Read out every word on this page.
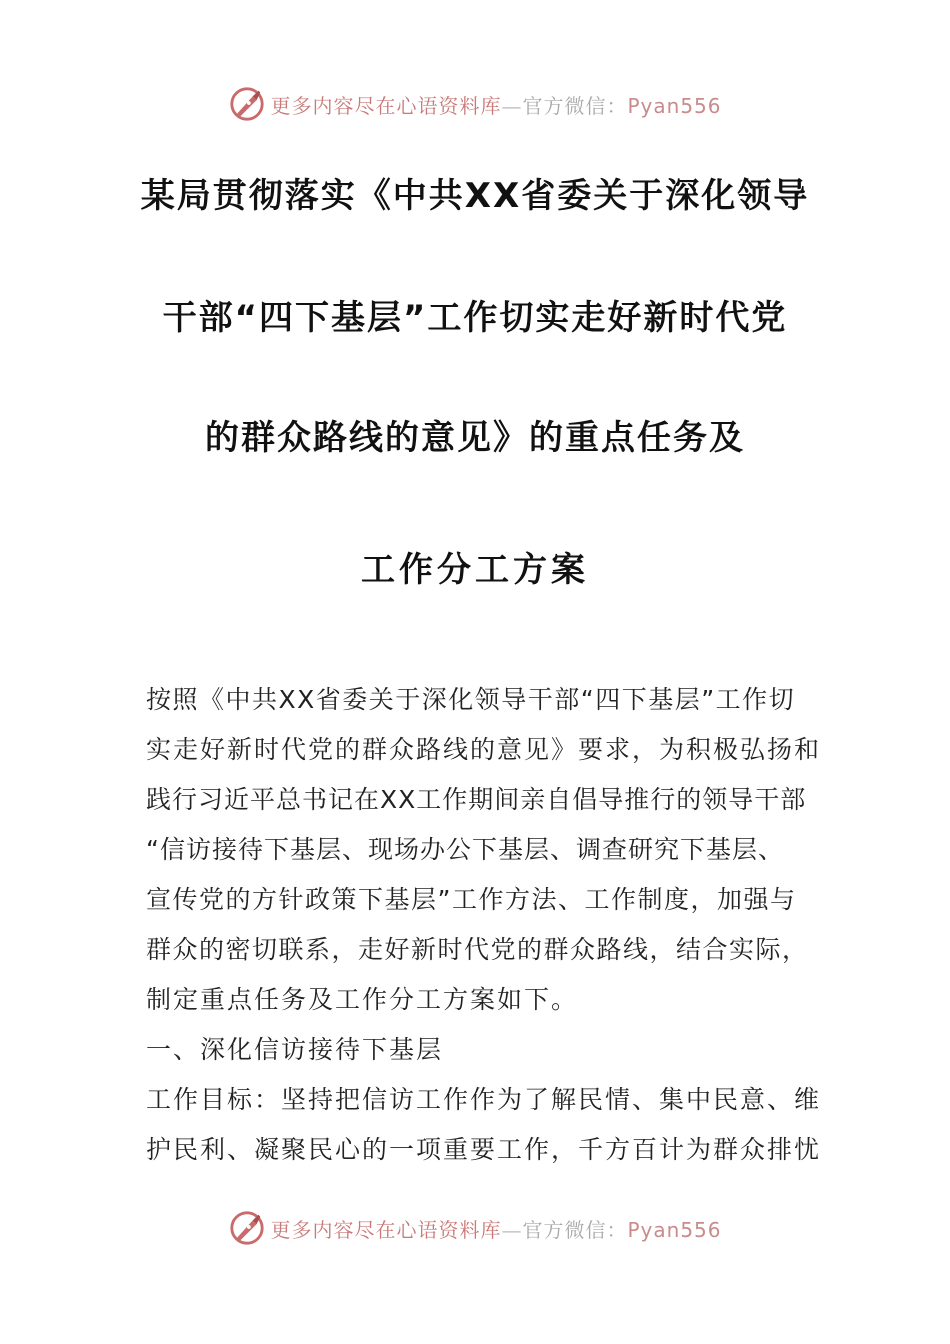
更多内容尽在心语资料库—官方微信：Pyan556
某局贯彻落实《中共XX省委关于深化领导
干部“四下基层”工作切实走好新时代党
的群众路线的意见》的重点任务及
工作分工方案
按照《中共XX省委关于深化领导干部“四下基层”工作切
实走好新时代党的群众路线的意见》要求，为积极弘扬和
践行习近平总书记在XX工作期间亲自倡导推行的领导干部
“信访接待下基层、现场办公下基层、调查研究下基层、
宣传党的方针政策下基层”工作方法、工作制度，加强与
群众的密切联系，走好新时代党的群众路线，结合实际，
制定重点任务及工作分工方案如下。
一、深化信访接待下基层
工作目标：坚持把信访工作作为了解民情、集中民意、维
护民利、凝聚民心的一项重要工作，千方百计为群众排忧
更多内容尽在心语资料库—官方微信：Pyan556
